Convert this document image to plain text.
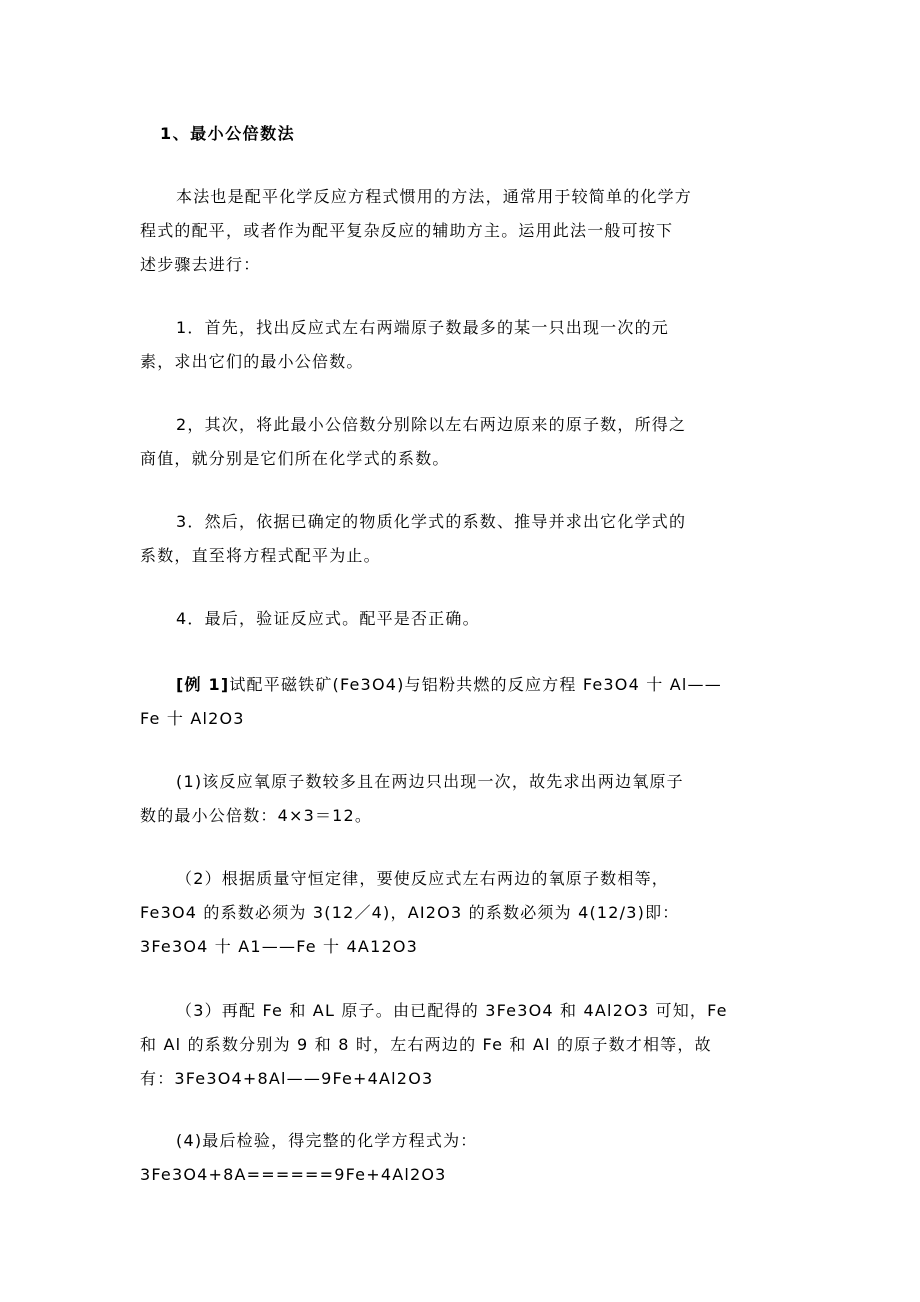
1、最小公倍数法

本法也是配平化学反应方程式惯用的方法，通常用于较简单的化学方
程式的配平，或者作为配平复杂反应的辅助方主。运用此法一般可按下
述步骤去进行：

1．首先，找出反应式左右两端原子数最多的某一只出现一次的元
素，求出它们的最小公倍数。

2，其次，将此最小公倍数分别除以左右两边原来的原子数，所得之
商值，就分别是它们所在化学式的系数。

3．然后，依据已确定的物质化学式的系数、推导并求出它化学式的
系数，直至将方程式配平为止。

4．最后，验证反应式。配平是否正确。

[例 1]试配平磁铁矿(Fe3O4)与铝粉共燃的反应方程 Fe3O4 十 Al——
Fe 十 Al2O3

(1)该反应氧原子数较多且在两边只出现一次，故先求出两边氧原子
数的最小公倍数：4×3＝12。

（2）根据质量守恒定律，要使反应式左右两边的氧原子数相等，
Fe3O4 的系数必须为 3(12／4)，AI2O3 的系数必须为 4(12/3)即：
3Fe3O4 十 A1——Fe 十 4A12O3

（3）再配 Fe 和 AL 原子。由已配得的 3Fe3O4 和 4Al2O3 可知，Fe
和 Al 的系数分别为 9 和 8 时，左右两边的 Fe 和 Al 的原子数才相等，故
有：3Fe3O4+8Al——9Fe+4Al2O3

(4)最后检验，得完整的化学方程式为：
3Fe3O4+8A======9Fe+4Al2O3
